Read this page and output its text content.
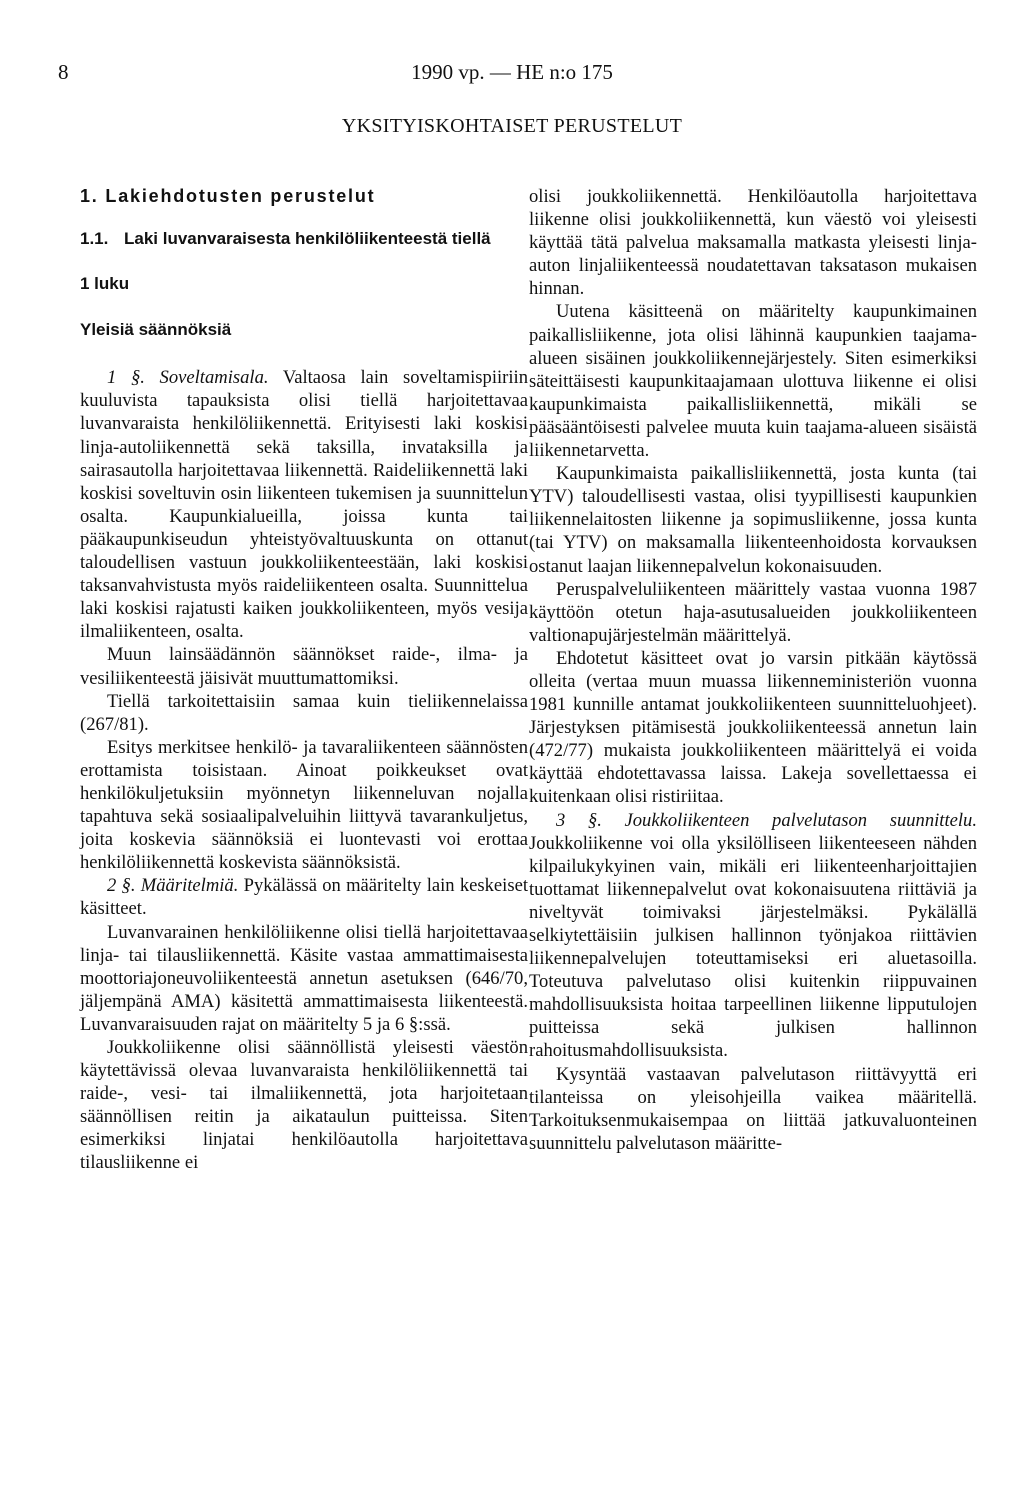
8	1990 vp. — HE n:o 175
YKSITYISKOHTAISET PERUSTELUT
1. Lakiehdotusten perustelut
1.1. Laki luvanvaraisesta henkilöliikenteestä tiellä
1 luku
Yleisiä säännöksiä

1 §. Soveltamisala. Valtaosa lain soveltamispiiriin kuuluvista tapauksista olisi tiellä harjoitettavaa luvanvaraista henkilöliikennettä. Erityisesti laki koskisi linja-autoliikennettä sekä taksilla, invataksilla ja sairasautolla harjoitettavaa liikennettä. Raideliikennettä laki koskisi soveltuvin osin liikenteen tukemisen ja suunnittelun osalta. Kaupunkialueilla, joissa kunta tai pääkaupunkiseudun yhteistyövaltuuskunta on ottanut taloudellisen vastuun joukkoliikenteestään, laki koskisi taksanvahvistusta myös raideliikenteen osalta. Suunnittelua laki koskisi rajatusti kaiken joukkoliikenteen, myös vesija ilmaliikenteen, osalta.

Muun lainsäädännön säännökset raide-, ilma- ja vesiliikenteestä jäisivät muuttumattomiksi.

Tiellä tarkoitettaisiin samaa kuin tieliikennelaissa (267/81).

Esitys merkitsee henkilö- ja tavaraliikenteen säännösten erottamista toisistaan. Ainoat poikkeukset ovat henkilökuljetuksiin myönnetyn liikenneluvan nojalla tapahtuva sekä sosiaalipalveluihin liittyvä tavarankuljetus, joita koskevia säännöksiä ei luontevasti voi erottaa henkilöliikennettä koskevista säännöksistä.

2 §. Määritelmiä. Pykälässä on määritelty lain keskeiset käsitteet.

Luvanvarainen henkilöliikenne olisi tiellä harjoitettavaa linja- tai tilausliikennettä. Käsite vastaa ammattimaisesta moottoriajoneuvoliikenteestä annetun asetuksen (646/70, jäljempänä AMA) käsitettä ammattimaisesta liikenteestä. Luvanvaraisuuden rajat on määritelty 5 ja 6 §:ssä.

Joukkoliikenne olisi säännöllistä yleisesti väestön käytettävissä olevaa luvanvaraista henkilöliikennettä tai raide-, vesi- tai ilmaliikennettä, jota harjoitetaan säännöllisen reitin ja aikataulun puitteissa. Siten esimerkiksi linjatai henkilöautolla harjoitettava tilausliikenne ei

olisi joukkoliikennettä. Henkilöautolla harjoitettava liikenne olisi joukkoliikennettä, kun väestö voi yleisesti käyttää tätä palvelua maksamalla matkasta yleisesti linja-auton linjaliikenteessä noudatettavan taksatason mukaisen hinnan.

Uutena käsitteenä on määritelty kaupunkimainen paikallisliikenne, jota olisi lähinnä kaupunkien taajama-alueen sisäinen joukkoliikennejärjestely. Siten esimerkiksi säteittäisesti kaupunkitaajamaan ulottuva liikenne ei olisi kaupunkimaista paikallisliikennettä, mikäli se pääsääntöisesti palvelee muuta kuin taajama-alueen sisäistä liikennetarvetta.

Kaupunkimaista paikallisliikennettä, josta kunta (tai YTV) taloudellisesti vastaa, olisi tyypillisesti kaupunkien liikennelaitosten liikenne ja sopimusliikenne, jossa kunta (tai YTV) on maksamalla liikenteenhoidosta korvauksen ostanut laajan liikennepalvelun kokonaisuuden.

Peruspalveluliikenteen määrittely vastaa vuonna 1987 käyttöön otetun haja-asutusalueiden joukkoliikenteen valtionapujärjestelmän määrittelyä.

Ehdotetut käsitteet ovat jo varsin pitkään käytössä olleita (vertaa muun muassa liikenneministeriön vuonna 1981 kunnille antamat joukkoliikenteen suunnitteluohjeet). Järjestyksen pitämisestä joukkoliikenteessä annetun lain (472/77) mukaista joukkoliikenteen määrittelyä ei voida käyttää ehdotettavassa laissa. Lakeja sovellettaessa ei kuitenkaan olisi ristiriitaa.

3 §. Joukkoliikenteen palvelutason suunnittelu. Joukkoliikenne voi olla yksilölliseen liikenteeseen nähden kilpailukykyinen vain, mikäli eri liikenteenharjoittajien tuottamat liikennepalvelut ovat kokonaisuutena riittäviä ja niveltyvät toimivaksi järjestelmäksi. Pykälällä selkiytettäisiin julkisen hallinnon työnjakoa riittävien liikennepalvelujen toteuttamiseksi eri aluetasoilla. Toteutuva palvelutaso olisi kuitenkin riippuvainen mahdollisuuksista hoitaa tarpeellinen liikenne lipputulojen puitteissa sekä julkisen hallinnon rahoitusmahdollisuuksista.

Kysyntää vastaavan palvelutason riittävyyttä eri tilanteissa on yleisohjeilla vaikea määritellä. Tarkoituksenmukaisempaa on liittää jatkuvaluonteinen suunnittelu palvelutason määritte-
